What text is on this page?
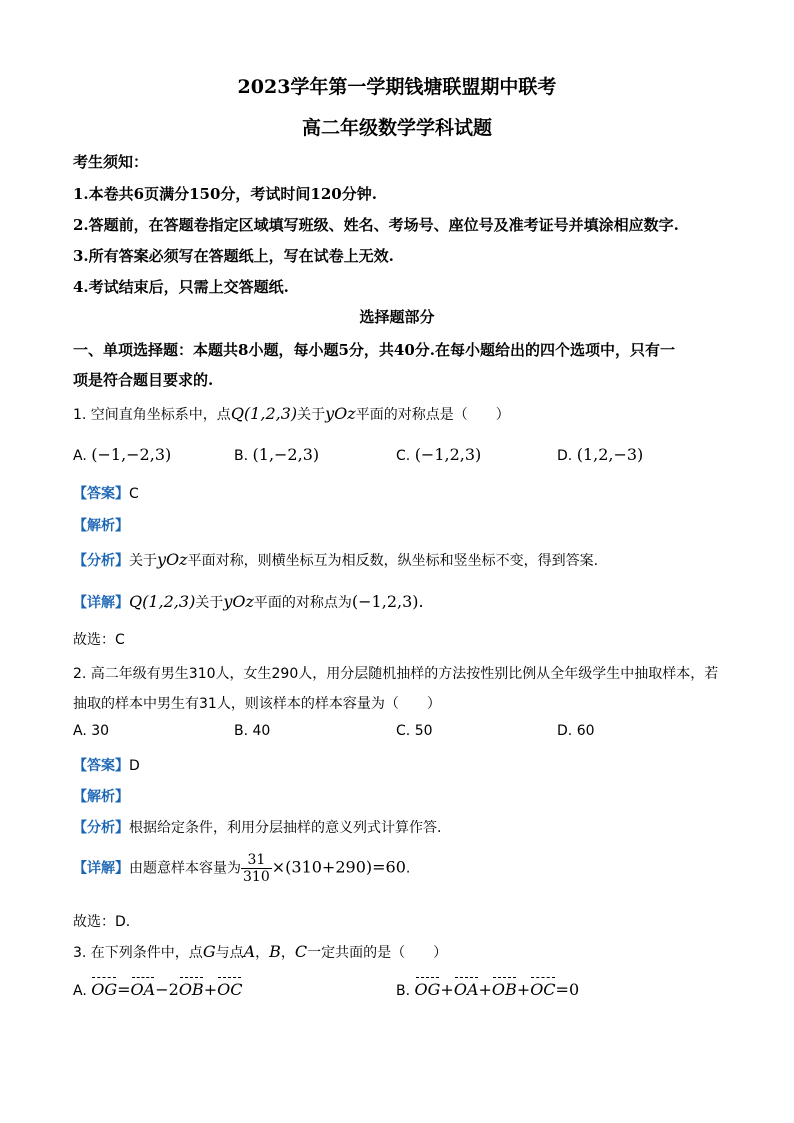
2023学年第一学期钱塘联盟期中联考
高二年级数学学科试题
考生须知：
1.本卷共6页满分150分，考试时间120分钟.
2.答题前，在答题卷指定区域填写班级、姓名、考场号、座位号及准考证号并填涂相应数字.
3.所有答案必须写在答题纸上，写在试卷上无效.
4.考试结束后，只需上交答题纸.
选择题部分
一、单项选择题：本题共8小题，每小题5分，共40分.在每小题给出的四个选项中，只有一
项是符合题目要求的.
1. 空间直角坐标系中，点Q(1,2,3)关于yOz平面的对称点是（　　）
A. (−1,−2,3)	B. (1,−2,3)	C. (−1,2,3)	D. (1,2,−3)
【答案】C
【解析】
【分析】关于yOz平面对称，则横坐标互为相反数，纵坐标和竖坐标不变，得到答案.
【详解】Q(1,2,3)关于yOz平面的对称点为(−1,2,3).
故选：C
2. 高二年级有男生310人，女生290人，用分层随机抽样的方法按性别比例从全年级学生中抽取样本，若
抽取的样本中男生有31人，则该样本的样本容量为（　　）
A. 30	B. 40	C. 50	D. 60
【答案】D
【解析】
【分析】根据给定条件，利用分层抽样的意义列式计算作答.
【详解】由题意样本容量为 $\frac{31}{310} \times(310+290)=60$.
故选：D.
3. 在下列条件中，点G与点A，B，C一定共面的是（　　）
A. OG=OA−2OB+OC	B. OG+OA+OB+OC=0
